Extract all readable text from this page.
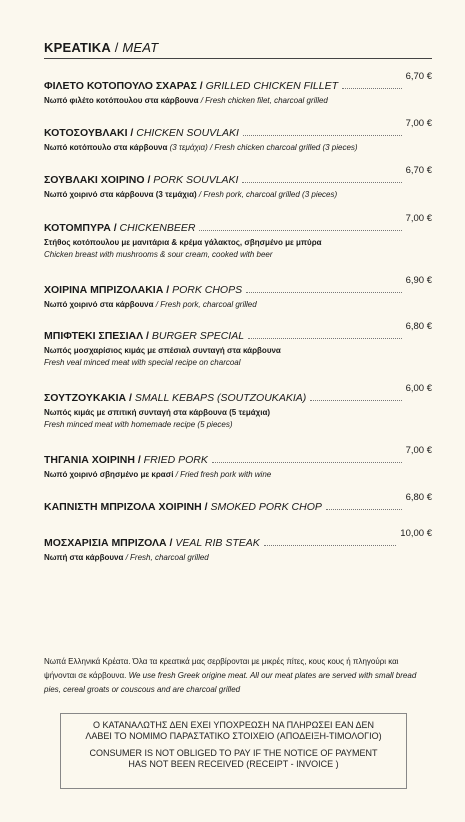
ΚΡΕΑΤΙΚΑ / MEAT
ΦΙΛΕΤΟ ΚΟΤΟΠΟΥΛΟ ΣΧΑΡΑΣ / GRILLED CHICKEN FILLET
6,70 €
Νωπό φιλέτο κοτόπουλου στα κάρβουνα / Fresh chicken filet, charcoal grilled
ΚΟΤΟΣΟΥΒΛΑΚΙ / CHICKEN SOUVLAKI
7,00 €
Νωπό κοτόπουλο στα κάρβουνα (3 τεμάχια) / Fresh chicken charcoal grilled (3 pieces)
ΣΟΥΒΛΑΚΙ ΧΟΙΡΙΝΟ / PORK SOUVLAKI
6,70 €
Νωπό χοιρινό στα κάρβουνα (3 τεμάχια) / Fresh pork, charcoal grilled (3 pieces)
ΚΟΤΟΜΠΥΡΑ / CHICKENBEER
7,00 €
Στήθος κοτόπουλου με μανιτάρια & κρέμα γάλακτος, σβησμένο με μπύρα
Chicken breast with mushrooms & sour cream, cooked with beer
ΧΟΙΡΙΝΑ ΜΠΡΙΖΟΛΑΚΙΑ / PORK CHOPS
6,90 €
Νωπό χοιρινό στα κάρβουνα / Fresh pork, charcoal grilled
ΜΠΙΦΤΕΚΙ ΣΠΕΣΙΑΛ / BURGER SPECIAL
6,80 €
Νωπός μοσχαρίσιος κιμάς με σπέσιαλ συνταγή στα κάρβουνα
Fresh veal minced meat with special recipe on charcoal
ΣΟΥΤΖΟΥΚΑΚΙΑ / SMALL KEBAPS (SOUTZOUKAKIA)
6,00 €
Νωπός κιμάς με σπιτική συνταγή στα κάρβουνα (5 τεμάχια)
Fresh minced meat with homemade recipe (5 pieces)
ΤΗΓΑΝΙΑ ΧΟΙΡΙΝΗ / FRIED PORK
7,00 €
Νωπό χοιρινό σβησμένο με κρασί / Fried fresh pork with wine
ΚΑΠΝΙΣΤΗ ΜΠΡΙΖΟΛΑ ΧΟΙΡΙΝΗ / SMOKED PORK CHOP
6,80 €
ΜΟΣΧΑΡΙΣΙΑ ΜΠΡΙΖΟΛΑ / VEAL RIB STEAK
10,00 €
Νωπή στα κάρβουνα / Fresh, charcoal grilled
Νωπά Ελληνικά Κρέατα. Όλα τα κρεατικά μας σερβίρονται με μικρές πίτες, κους κους ή πληγούρι και ψήνονται σε κάρβουνα. We use fresh Greek origine meat. All our meat plates are served with small bread pies, cereal groats or couscous and are charcoal grilled
Ο ΚΑΤΑΝΑΛΩΤΗΣ ΔΕΝ ΕΧΕΙ ΥΠΟΧΡΕΩΣΗ ΝΑ ΠΛΗΡΩΣΕΙ ΕΑΝ ΔΕΝ
ΛΑΒΕΙ ΤΟ ΝΟΜΙΜΟ ΠΑΡΑΣΤΑΤΙΚΟ ΣΤΟΙΧΕΙΟ (ΑΠΟΔΕΙΞΗ-ΤΙΜΟΛΟΓΙΟ)
CONSUMER IS NOT OBLIGED TO PAY IF THE NOTICE OF PAYMENT
HAS NOT BEEN RECEIVED (RECEIPT - INVOICE )
